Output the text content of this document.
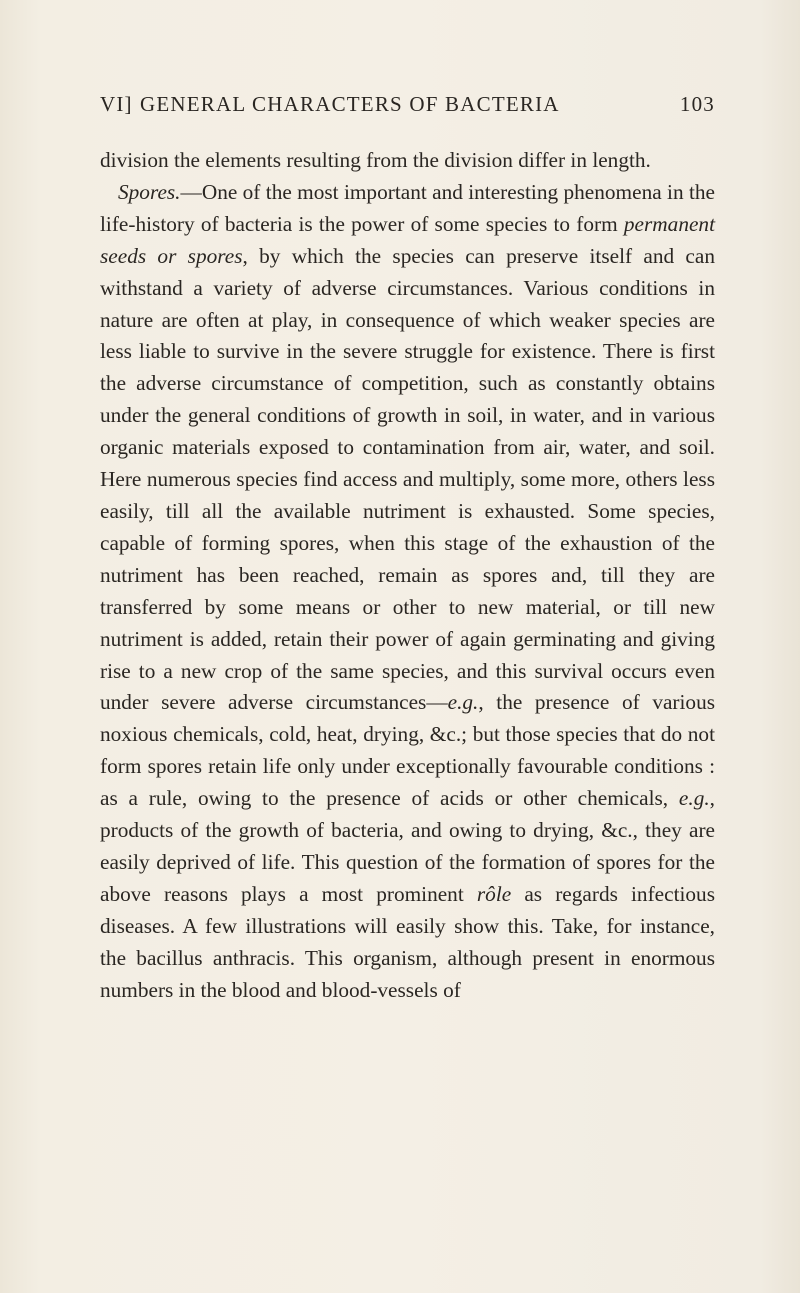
VI] GENERAL CHARACTERS OF BACTERIA	103

division the elements resulting from the division differ in length.

Spores.—One of the most important and interesting phenomena in the life-history of bacteria is the power of some species to form permanent seeds or spores, by which the species can preserve itself and can withstand a variety of adverse circumstances. Various conditions in nature are often at play, in consequence of which weaker species are less liable to survive in the severe struggle for existence. There is first the adverse circumstance of competition, such as constantly obtains under the general conditions of growth in soil, in water, and in various organic materials exposed to contamination from air, water, and soil. Here numerous species find access and multiply, some more, others less easily, till all the available nutriment is exhausted. Some species, capable of forming spores, when this stage of the exhaustion of the nutriment has been reached, remain as spores and, till they are transferred by some means or other to new material, or till new nutriment is added, retain their power of again germinating and giving rise to a new crop of the same species, and this survival occurs even under severe adverse circumstances—e.g., the presence of various noxious chemicals, cold, heat, drying, &c.; but those species that do not form spores retain life only under exceptionally favourable conditions : as a rule, owing to the presence of acids or other chemicals, e.g., products of the growth of bacteria, and owing to drying, &c., they are easily deprived of life. This question of the formation of spores for the above reasons plays a most prominent rôle as regards infectious diseases. A few illustrations will easily show this. Take, for instance, the bacillus anthracis. This organism, although present in enormous numbers in the blood and blood-vessels of
